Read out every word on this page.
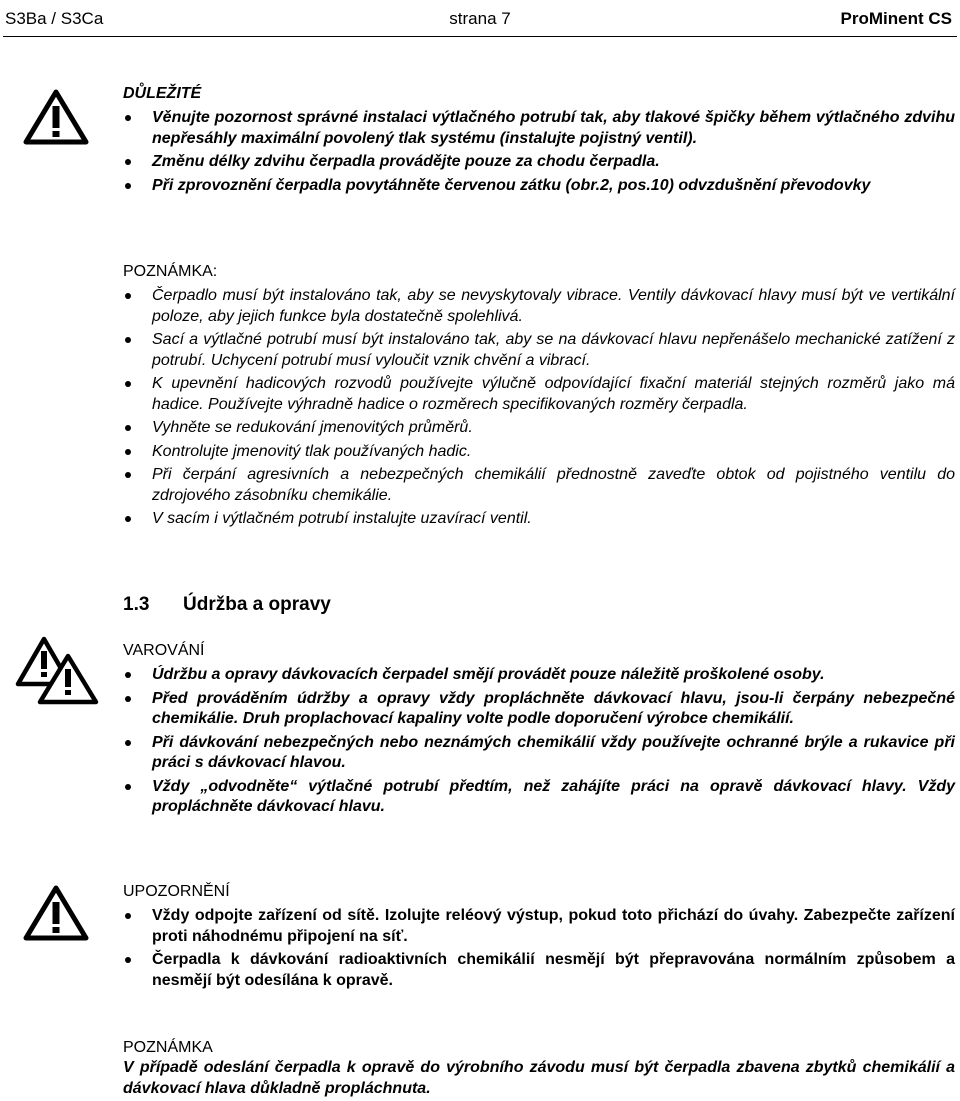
S3Ba / S3Ca	strana 7	ProMinent CS
DŮLEŽITÉ
Věnujte pozornost správné instalaci výtlačného potrubí tak, aby tlakové špičky během výtlačného zdvihu nepřesáhly maximální povolený tlak systému (instalujte pojistný ventil).
Změnu délky zdvihu čerpadla provádějte pouze za chodu čerpadla.
Při zprovoznění čerpadla povytáhněte červenou zátku (obr.2, pos.10) odvzdušnění převodovky
POZNÁMKA:
Čerpadlo musí být instalováno tak, aby se nevyskytovaly vibrace. Ventily dávkovací hlavy musí být ve vertikální poloze, aby jejich funkce byla dostatečně spolehlivá.
Sací a výtlačné potrubí musí být instalováno tak, aby se na dávkovací hlavu nepřenášelo mechanické zatížení z potrubí. Uchycení potrubí musí vyloučit vznik chvění a vibrací.
K upevnění hadicových rozvodů používejte výlučně odpovídající fixační materiál stejných rozměrů jako má hadice. Používejte výhradně hadice o rozměrech specifikovaných rozměry čerpadla.
Vyhněte se redukování jmenovitých průměrů.
Kontrolujte jmenovitý tlak používaných hadic.
Při čerpání agresivních a nebezpečných chemikálií přednostně zaveďte obtok od pojistného ventilu do zdrojového zásobníku chemikálie.
V sacím i výtlačném potrubí instalujte uzavírací ventil.
1.3 Údržba a opravy
VAROVÁNÍ
Údržbu a opravy dávkovacích čerpadel smějí provádět pouze náležitě proškolené osoby.
Před prováděním údržby a opravy vždy propláchněte dávkovací hlavu, jsou-li čerpány nebezpečné chemikálie. Druh proplachovací kapaliny volte podle doporučení výrobce chemikálií.
Při dávkování nebezpečných nebo neznámých chemikálií vždy používejte ochranné brýle a rukavice při práci s dávkovací hlavou.
Vždy „odvodněte“ výtlačné potrubí předtím, než zahájíte práci na opravě dávkovací hlavy. Vždy propláchněte dávkovací hlavu.
UPOZORNĚNÍ
Vždy odpojte zařízení od sítě. Izolujte reléový výstup, pokud toto přichází do úvahy. Zabezpečte zařízení proti náhodnému připojení na síť.
Čerpadla k dávkování radioaktivních chemikálií nesmějí být přepravována normálním způsobem a nesmějí být odesílána k opravě.
POZNÁMKA
V případě odeslání čerpadla k opravě do výrobního závodu musí být čerpadla zbavena zbytků chemikálií a dávkovací hlava důkladně propláchnuta.
